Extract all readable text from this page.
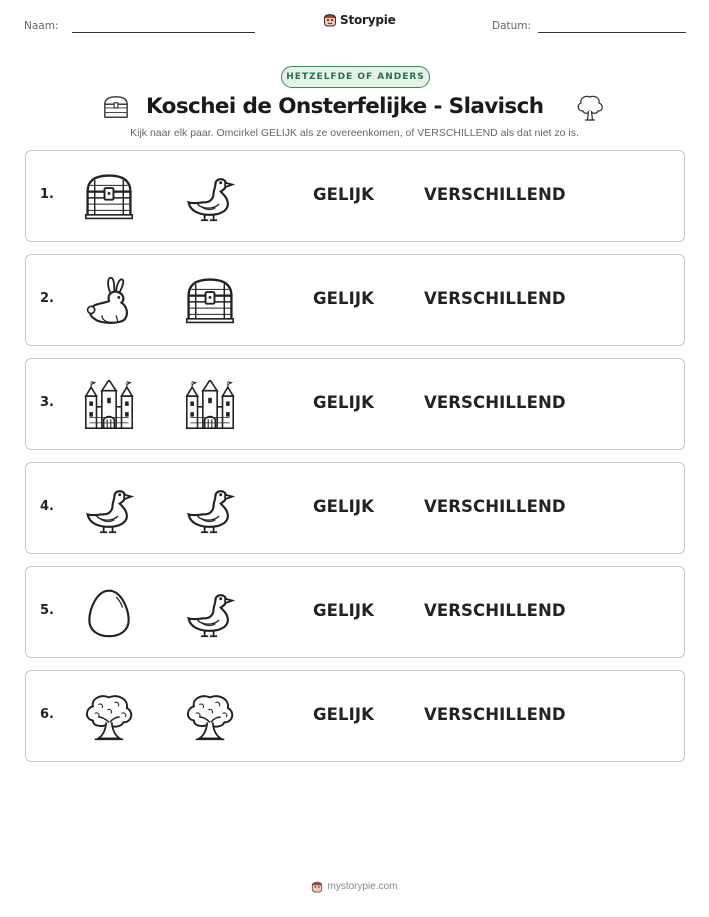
Naam:	Storypie	Datum:
HETZELFDE OF ANDERS
Koschei de Onsterfelijke - Slavisch
Kijk naar elk paar. Omcirkel GELIJK als ze overeenkomen, of VERSCHILLEND als dat niet zo is.
1.	GELIJK	VERSCHILLEND
2.	GELIJK	VERSCHILLEND
3.	GELIJK	VERSCHILLEND
4.	GELIJK	VERSCHILLEND
5.	GELIJK	VERSCHILLEND
6.	GELIJK	VERSCHILLEND
mystorypie.com
